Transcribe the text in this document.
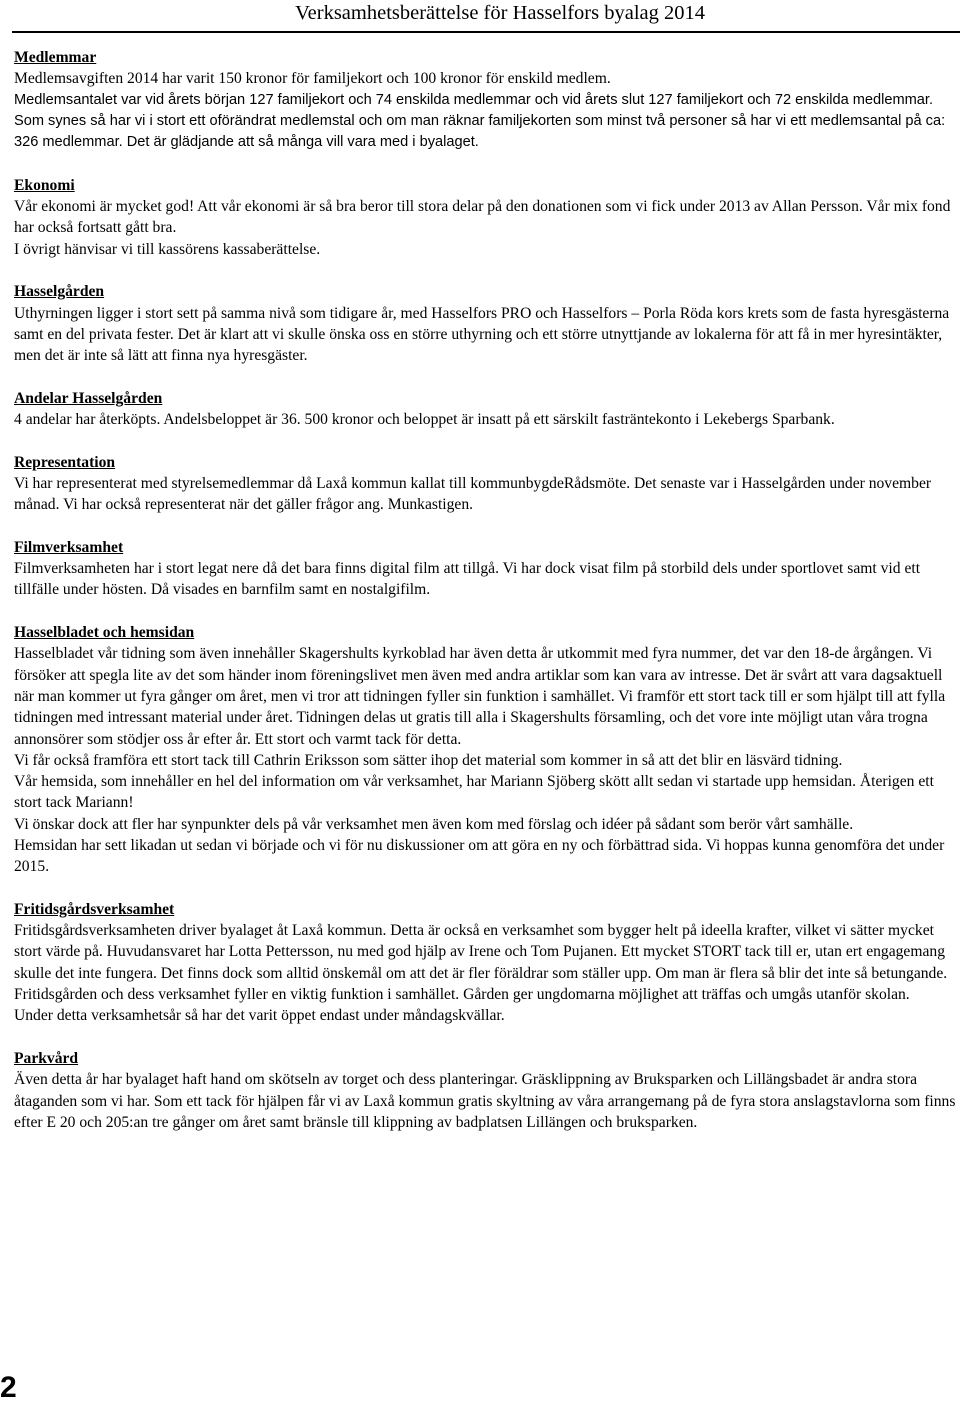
Verksamhetsberättelse för Hasselfors byalag 2014
Medlemmar

Medlemsavgiften 2014 har varit 150 kronor för familjekort och 100 kronor för enskild medlem.

Medlemsantalet var vid årets början 127 familjekort och 74 enskilda medlemmar och vid årets slut 127 familjekort och 72 enskilda medlemmar. Som synes så har vi i stort ett oförändrat medlemstal och om man räknar familjekorten som minst två personer så har vi ett medlemsantal på ca: 326 medlemmar. Det är glädjande att så många vill vara med i byalaget.

Ekonomi

Vår ekonomi är mycket god! Att vår ekonomi är så bra beror till stora delar på den donationen som vi fick under 2013 av Allan Persson. Vår mix fond har också fortsatt gått bra.

I övrigt hänvisar vi till kassörens kassaberättelse.

Hasselgården

Uthyrningen ligger i stort sett på samma nivå som tidigare år, med Hasselfors PRO och Hasselfors – Porla Röda kors krets som de fasta hyresgästerna samt en del privata fester. Det är klart att vi skulle önska oss en större uthyrning och ett större utnyttjande av lokalerna för att få in mer hyresintäkter, men det är inte så lätt att finna nya hyresgäster.

Andelar Hasselgården

4 andelar har återköpts. Andelsbeloppet är 36. 500 kronor och beloppet är insatt på ett särskilt fasträntekonto i Lekebergs Sparbank.

Representation

Vi har representerat med styrelsemedlemmar då Laxå kommun kallat till kommunbygdeRådsmöte. Det senaste var i Hasselgården under november månad. Vi har också representerat när det gäller frågor ang. Munkastigen.

Filmverksamhet

Filmverksamheten har i stort legat nere då det bara finns digital film att tillgå. Vi har dock visat film på storbild dels under sportlovet samt vid ett tillfälle under hösten. Då visades en barnfilm samt en nostalgifilm.

Hasselbladet och hemsidan

Hasselbladet vår tidning som även innehåller Skagershults kyrkoblad har även detta år utkommit med fyra nummer, det var den 18-de årgången. Vi försöker att spegla lite av det som händer inom föreningslivet men även med andra artiklar som kan vara av intresse. Det är svårt att vara dagsaktuell när man kommer ut fyra gånger om året, men vi tror att tidningen fyller sin funktion i samhället. Vi framför ett stort tack till er som hjälpt till att fylla tidningen med intressant material under året. Tidningen delas ut gratis till alla i Skagershults församling, och det vore inte möjligt utan våra trogna annonsörer som stödjer oss år efter år. Ett stort och varmt tack för detta.

Vi får också framföra ett stort tack till Cathrin Eriksson som sätter ihop det material som kommer in så att det blir en läsvärd tidning.

Vår hemsida, som innehåller en hel del information om vår verksamhet, har Mariann Sjöberg skött allt sedan vi startade upp hemsidan. Återigen ett stort tack Mariann!

Vi önskar dock att fler har synpunkter dels på vår verksamhet men även kom med förslag och idéer på sådant som berör vårt samhälle.

Hemsidan har sett likadan ut sedan vi började och vi för nu diskussioner om att göra en ny och förbättrad sida. Vi hoppas kunna genomföra det under 2015.

Fritidsgårdsverksamhet

Fritidsgårdsverksamheten driver byalaget åt Laxå kommun. Detta är också en verksamhet som bygger helt på ideella krafter, vilket vi sätter mycket stort värde på. Huvudansvaret har Lotta Pettersson, nu med god hjälp av Irene och Tom Pujanen. Ett mycket STORT tack till er, utan ert engagemang skulle det inte fungera. Det finns dock som alltid önskemål om att det är fler föräldrar som ställer upp. Om man är flera så blir det inte så betungande. Fritidsgården och dess verksamhet fyller en viktig funktion i samhället. Gården ger ungdomarna möjlighet att träffas och umgås utanför skolan.

Under detta verksamhetsår så har det varit öppet endast under måndagskvällar.

Parkvård

Även detta år har byalaget haft hand om skötseln av torget och dess planteringar. Gräsklippning av Bruksparken och Lillängsbadet är andra stora åtaganden som vi har. Som ett tack för hjälpen får vi av Laxå kommun gratis skyltning av våra arrangemang på de fyra stora anslagstavlorna som finns efter E 20 och 205:an tre gånger om året samt bränsle till klippning av badplatsen Lillängen och bruksparken.

2
